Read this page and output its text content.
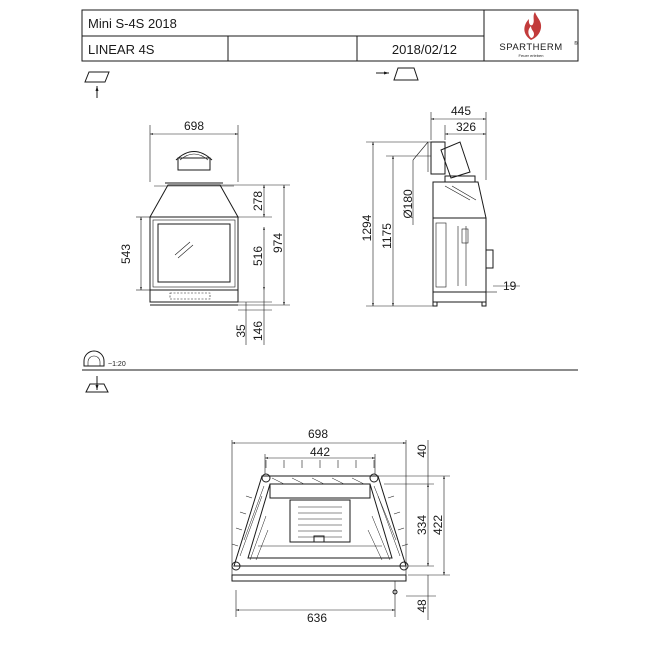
Mini S-4S 2018
LINEAR 4S	2018/02/12	SPARTHERM ®
Feuer erleben
698
543
278
516
974
35 146
445
326
1294 1175
Ø180
19
~1:20
698
442
636
40
334 422
48
